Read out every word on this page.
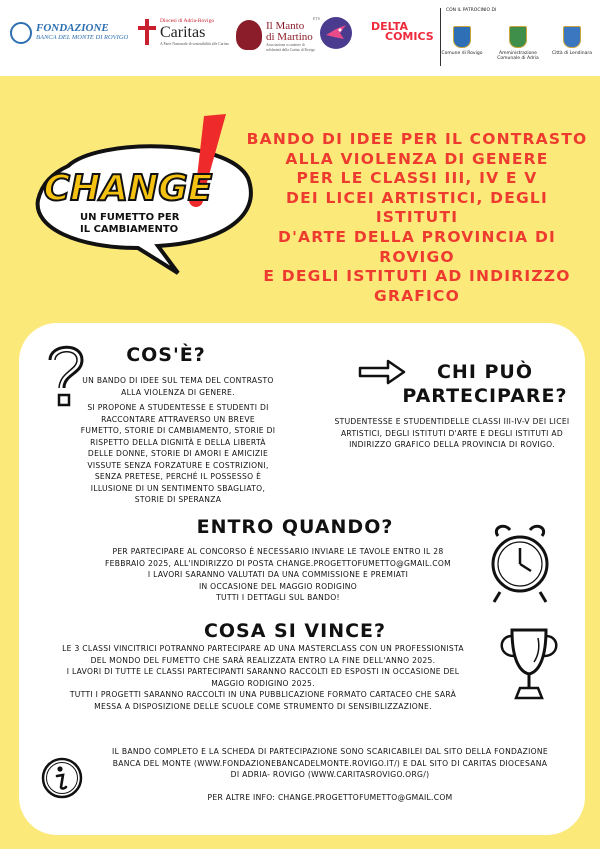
FONDAZIONE
BANCA DEL MONTE DI ROVIGO
Diocesi di Adria-Rovigo
Caritas
A Parte Nazionale di sostenibilità alle Caritas
ETS
Il Manto
di Martino
Associazione a carattere di solidarietà della Caritas di Rovigo
DELTA
COMICS
CON IL PATROCINIO DI
Comune di Rovigo	Amministrazione Comunale di Adria
Città di Lendinara
CHANGE
UN FUMETTO PER
IL CAMBIAMENTO
BANDO DI IDEE PER IL CONTRASTO
ALLA VIOLENZA DI GENERE
PER LE CLASSI III, IV E V
DEI LICEI ARTISTICI, DEGLI ISTITUTI
D'ARTE DELLA PROVINCIA DI ROVIGO
E DEGLI ISTITUTI AD INDIRIZZO
GRAFICO
COS'È?
UN BANDO DI IDEE SUL TEMA DEL CONTRASTO ALLA VIOLENZA DI GENERE.
SI PROPONE A STUDENTESSE E STUDENTI DI RACCONTARE ATTRAVERSO UN BREVE FUMETTO, STORIE DI CAMBIAMENTO, STORIE DI RISPETTO DELLA DIGNITÀ E DELLA LIBERTÀ DELLE DONNE, STORIE DI AMORI E AMICIZIE VISSUTE SENZA FORZATURE E COSTRIZIONI, SENZA PRETESE, PERCHÉ IL POSSESSO È ILLUSIONE DI UN SENTIMENTO SBAGLIATO, STORIE DI SPERANZA
CHI PUÒ
PARTECIPARE?
STUDENTESSE E STUDENTIDELLE CLASSI III-IV-V DEI LICEI ARTISTICI, DEGLI ISTITUTI D'ARTE E DEGLI ISTITUTI AD INDIRIZZO GRAFICO DELLA PROVINCIA DI ROVIGO.
ENTRO QUANDO?
PER PARTECIPARE AL CONCORSO È NECESSARIO INVIARE LE TAVOLE ENTRO IL 28
FEBBRAIO 2025, ALL'INDIRIZZO DI POSTA CHANGE.PROGETTOFUMETTO@GMAIL.COM
I LAVORI SARANNO VALUTATI DA UNA COMMISSIONE E PREMIATI
IN OCCASIONE DEL MAGGIO RODIGINO
TUTTI I DETTAGLI SUL BANDO!
COSA SI VINCE?
LE 3 CLASSI VINCITRICI POTRANNO PARTECIPARE AD UNA MASTERCLASS CON UN PROFESSIONISTA
DEL MONDO DEL FUMETTO CHE SARÀ REALIZZATA ENTRO LA FINE DELL'ANNO 2025.
I LAVORI DI TUTTE LE CLASSI PARTECIPANTI SARANNO RACCOLTI ED ESPOSTI IN OCCASIONE DEL
MAGGIO RODIGINO 2025.
TUTTI I PROGETTI SARANNO RACCOLTI IN UNA PUBBLICAZIONE FORMATO CARTACEO CHE SARÀ
MESSA A DISPOSIZIONE DELLE SCUOLE COME STRUMENTO DI SENSIBILIZZAZIONE.
IL BANDO COMPLETO E LA SCHEDA DI PARTECIPAZIONE SONO SCARICABILEI DAL SITO DELLA FONDAZIONE
BANCA DEL MONTE (WWW.FONDAZIONEBANCADELMONTE.ROVIGO.IT/) E DAL SITO DI CARITAS DIOCESANA
DI ADRIA- ROVIGO (WWW.CARITASROVIGO.ORG/)
PER ALTRE INFO: CHANGE.PROGETTOFUMETTO@GMAIL.COM
